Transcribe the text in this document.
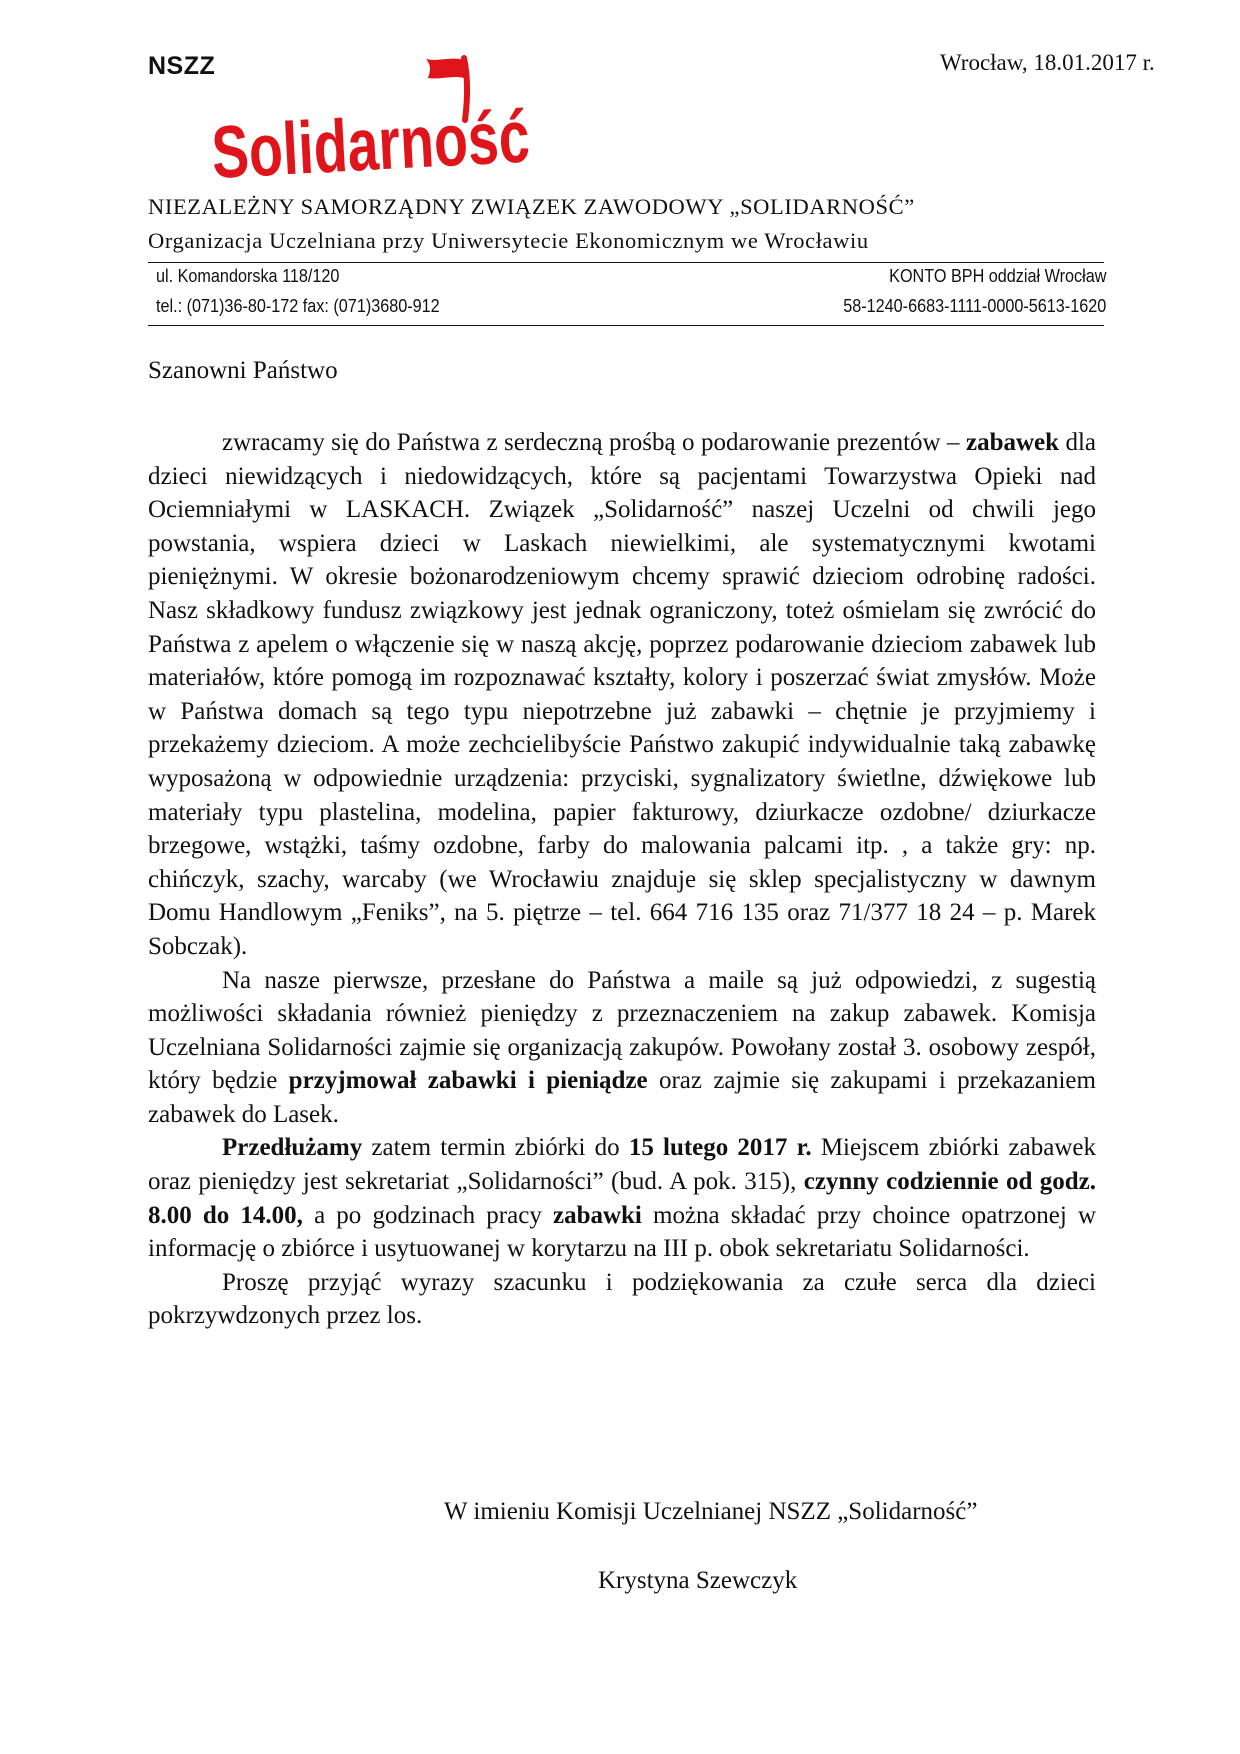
NSZZ
Solidarność
Wrocław, 18.01.2017 r.
NIEZALEŻNY SAMORZĄDNY ZWIĄZEK ZAWODOWY „SOLIDARNOŚĆ”
Organizacja Uczelniana przy Uniwersytecie Ekonomicznym we Wrocławiu
ul. Komandorska 118/120
tel.: (071)36-80-172 fax: (071)3680-912
KONTO BPH oddział Wrocław
58-1240-6683-1111-0000-5613-1620
Szanowni Państwo

zwracamy się do Państwa z serdeczną prośbą o podarowanie prezentów – zabawek dla dzieci niewidzących i niedowidzących, które są pacjentami Towarzystwa Opieki nad Ociemniałymi w LASKACH. Związek „Solidarność” naszej Uczelni od chwili jego powstania, wspiera dzieci w Laskach niewielkimi, ale systematycznymi kwotami pieniężnymi. W okresie bożonarodzeniowym chcemy sprawić dzieciom odrobinę radości. Nasz składkowy fundusz związkowy jest jednak ograniczony, toteż ośmielam się zwrócić do Państwa z apelem o włączenie się w naszą akcję, poprzez podarowanie dzieciom zabawek lub materiałów, które pomogą im rozpoznawać kształty, kolory i poszerzać świat zmysłów. Może w Państwa domach są tego typu niepotrzebne już zabawki – chętnie je przyjmiemy i przekażemy dzieciom. A może zechcielibyście Państwo zakupić indywidualnie taką zabawkę wyposażoną w odpowiednie urządzenia: przyciski, sygnalizatory świetlne, dźwiękowe lub materiały typu plastelina, modelina, papier fakturowy, dziurkacze ozdobne/ dziurkacze brzegowe, wstążki, taśmy ozdobne, farby do malowania palcami itp. , a także gry: np. chińczyk, szachy, warcaby (we Wrocławiu znajduje się sklep specjalistyczny w dawnym Domu Handlowym „Feniks”, na 5. piętrze – tel. 664 716 135 oraz 71/377 18 24 – p. Marek Sobczak).

Na nasze pierwsze, przesłane do Państwa a maile są już odpowiedzi, z sugestią możliwości składania również pieniędzy z przeznaczeniem na zakup zabawek. Komisja Uczelniana Solidarności zajmie się organizacją zakupów. Powołany został 3. osobowy zespół, który będzie przyjmował zabawki i pieniądze oraz zajmie się zakupami i przekazaniem zabawek do Lasek.

Przedłużamy zatem termin zbiórki do 15 lutego 2017 r. Miejscem zbiórki zabawek oraz pieniędzy jest sekretariat „Solidarności” (bud. A pok. 315), czynny codziennie od godz. 8.00 do 14.00, a po godzinach pracy zabawki można składać przy choince opatrzonej w informację o zbiórce i usytuowanej w korytarzu na III p. obok sekretariatu Solidarności.

Proszę przyjąć wyrazy szacunku i podziękowania za czułe serca dla dzieci pokrzywdzonych przez los.

W imieniu Komisji Uczelnianej NSZZ „Solidarność”
Krystyna Szewczyk
